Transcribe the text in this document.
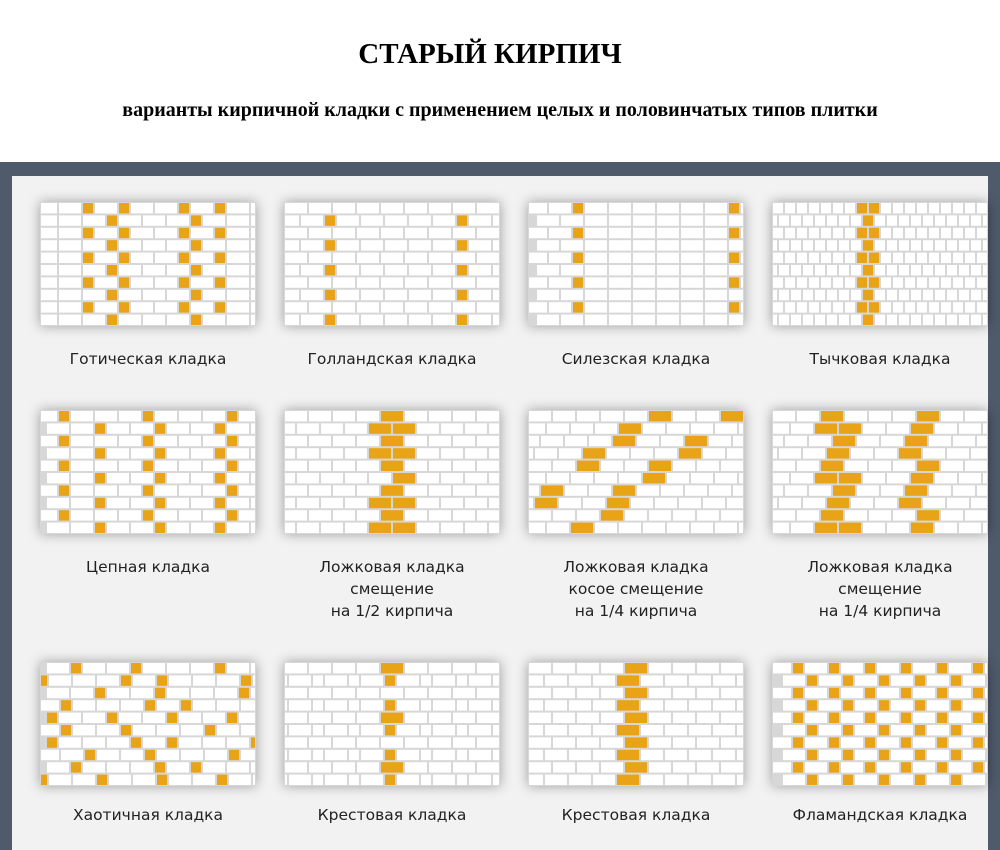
СТАРЫЙ КИРПИЧ
варианты кирпичной кладки с применением целых и половинчатых типов плитки
Готическая кладка	Голландская кладка	Силезская кладка	Тычковая кладка
Цепная кладка	Ложковая кладка
смещение
на 1/2 кирпича
Ложковая кладка
косое смещение
на 1/4 кирпича
Ложковая кладка
смещение
на 1/4 кирпича
Хаотичная кладка	Крестовая кладка	Крестовая кладка	Фламандская кладка
